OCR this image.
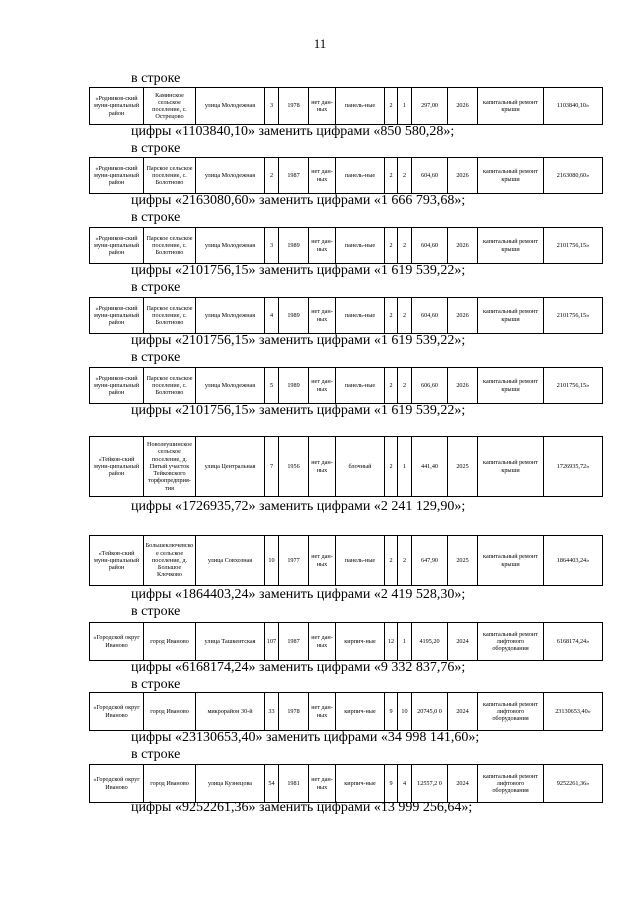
11
в строке
«Родников-ский муни-ципальный район	Каминское сельское поселение, с. Острецово	улица Молодежная	3	1978	нет дан-ных	панель-ные	2	1	297,00	2026	капитальный ремонт крыши	1103840,10»
цифры «1103840,10» заменить цифрами «850 580,28»;
в строке
«Родников-ский муни-ципальный район	Парское сельское поселение, с. Болотново	улица Молодежная	2	1987	нет дан-ных	панель-ные	2	2	604,60	2026	капитальный ремонт крыши	2163080,60»
цифры «2163080,60» заменить цифрами «1 666 793,68»;
в строке
«Родников-ский муни-ципальный район	Парское сельское поселение, с. Болотново	улица Молодежная	3	1989	нет дан-ных	панель-ные	2	2	604,60	2026	капитальный ремонт крыши	2101756,15»
цифры «2101756,15» заменить цифрами «1 619 539,22»;
в строке
«Родников-ский муни-ципальный район	Парское сельское поселение, с. Болотново	улица Молодежная	4	1989	нет дан-ных	панель-ные	2	2	604,60	2026	капитальный ремонт крыши	2101756,15»
цифры «2101756,15» заменить цифрами «1 619 539,22»;
в строке
«Родников-ский муни-ципальный район	Парское сельское поселение, с. Болотново	улица Молодежная	5	1989	нет дан-ных	панель-ные	2	2	606,60	2026	капитальный ремонт крыши	2101756,15»
цифры «2101756,15» заменить цифрами «1 619 539,22»;
«Тейков-ский муни-ципальный район	Новолеушинское сельское поселение, д. Пятый участок Тейковского торфопредприя-тия	улица Центральная	7	1956	нет дан-ных	блочный	2	1	441,40	2025	капитальный ремонт крыши	1726935,72»
цифры «1726935,72» заменить цифрами «2 241 129,90»;
«Тейков-ский муни-ципальный район	Большеключевское сельское поселение, д. Большое Клочково	улица Совхозная	10	1977	нет дан-ных	панель-ные	2	2	647,90	2025	капитальный ремонт крыши	1864403,24»
цифры «1864403,24» заменить цифрами «2 419 528,30»;
в строке
«Городской округ Иваново	город Иваново	улица Ташкентская	107	1987	нет дан-ных	кирпич-ные	12	1	4195,20	2024	капитальный ремонт лифтового оборудования	6168174,24»
цифры «6168174,24» заменить цифрами «9 332 837,76»;
в строке
«Городской округ Иваново	город Иваново	микрорайон 30-й	33	1978	нет дан-ных	кирпич-ные	9	10	20745,0 0	2024	капитальный ремонт лифтового оборудования	23130653,40»
цифры «23130653,40» заменить цифрами «34 998 141,60»;
в строке
«Городской округ Иваново	город Иваново	улица Кузнецова	54	1981	нет дан-ных	кирпич-ные	9	4	12557,2 0	2024	капитальный ремонт лифтового оборудования	9252261,36»
цифры «9252261,36» заменить цифрами «13 999 256,64»;
